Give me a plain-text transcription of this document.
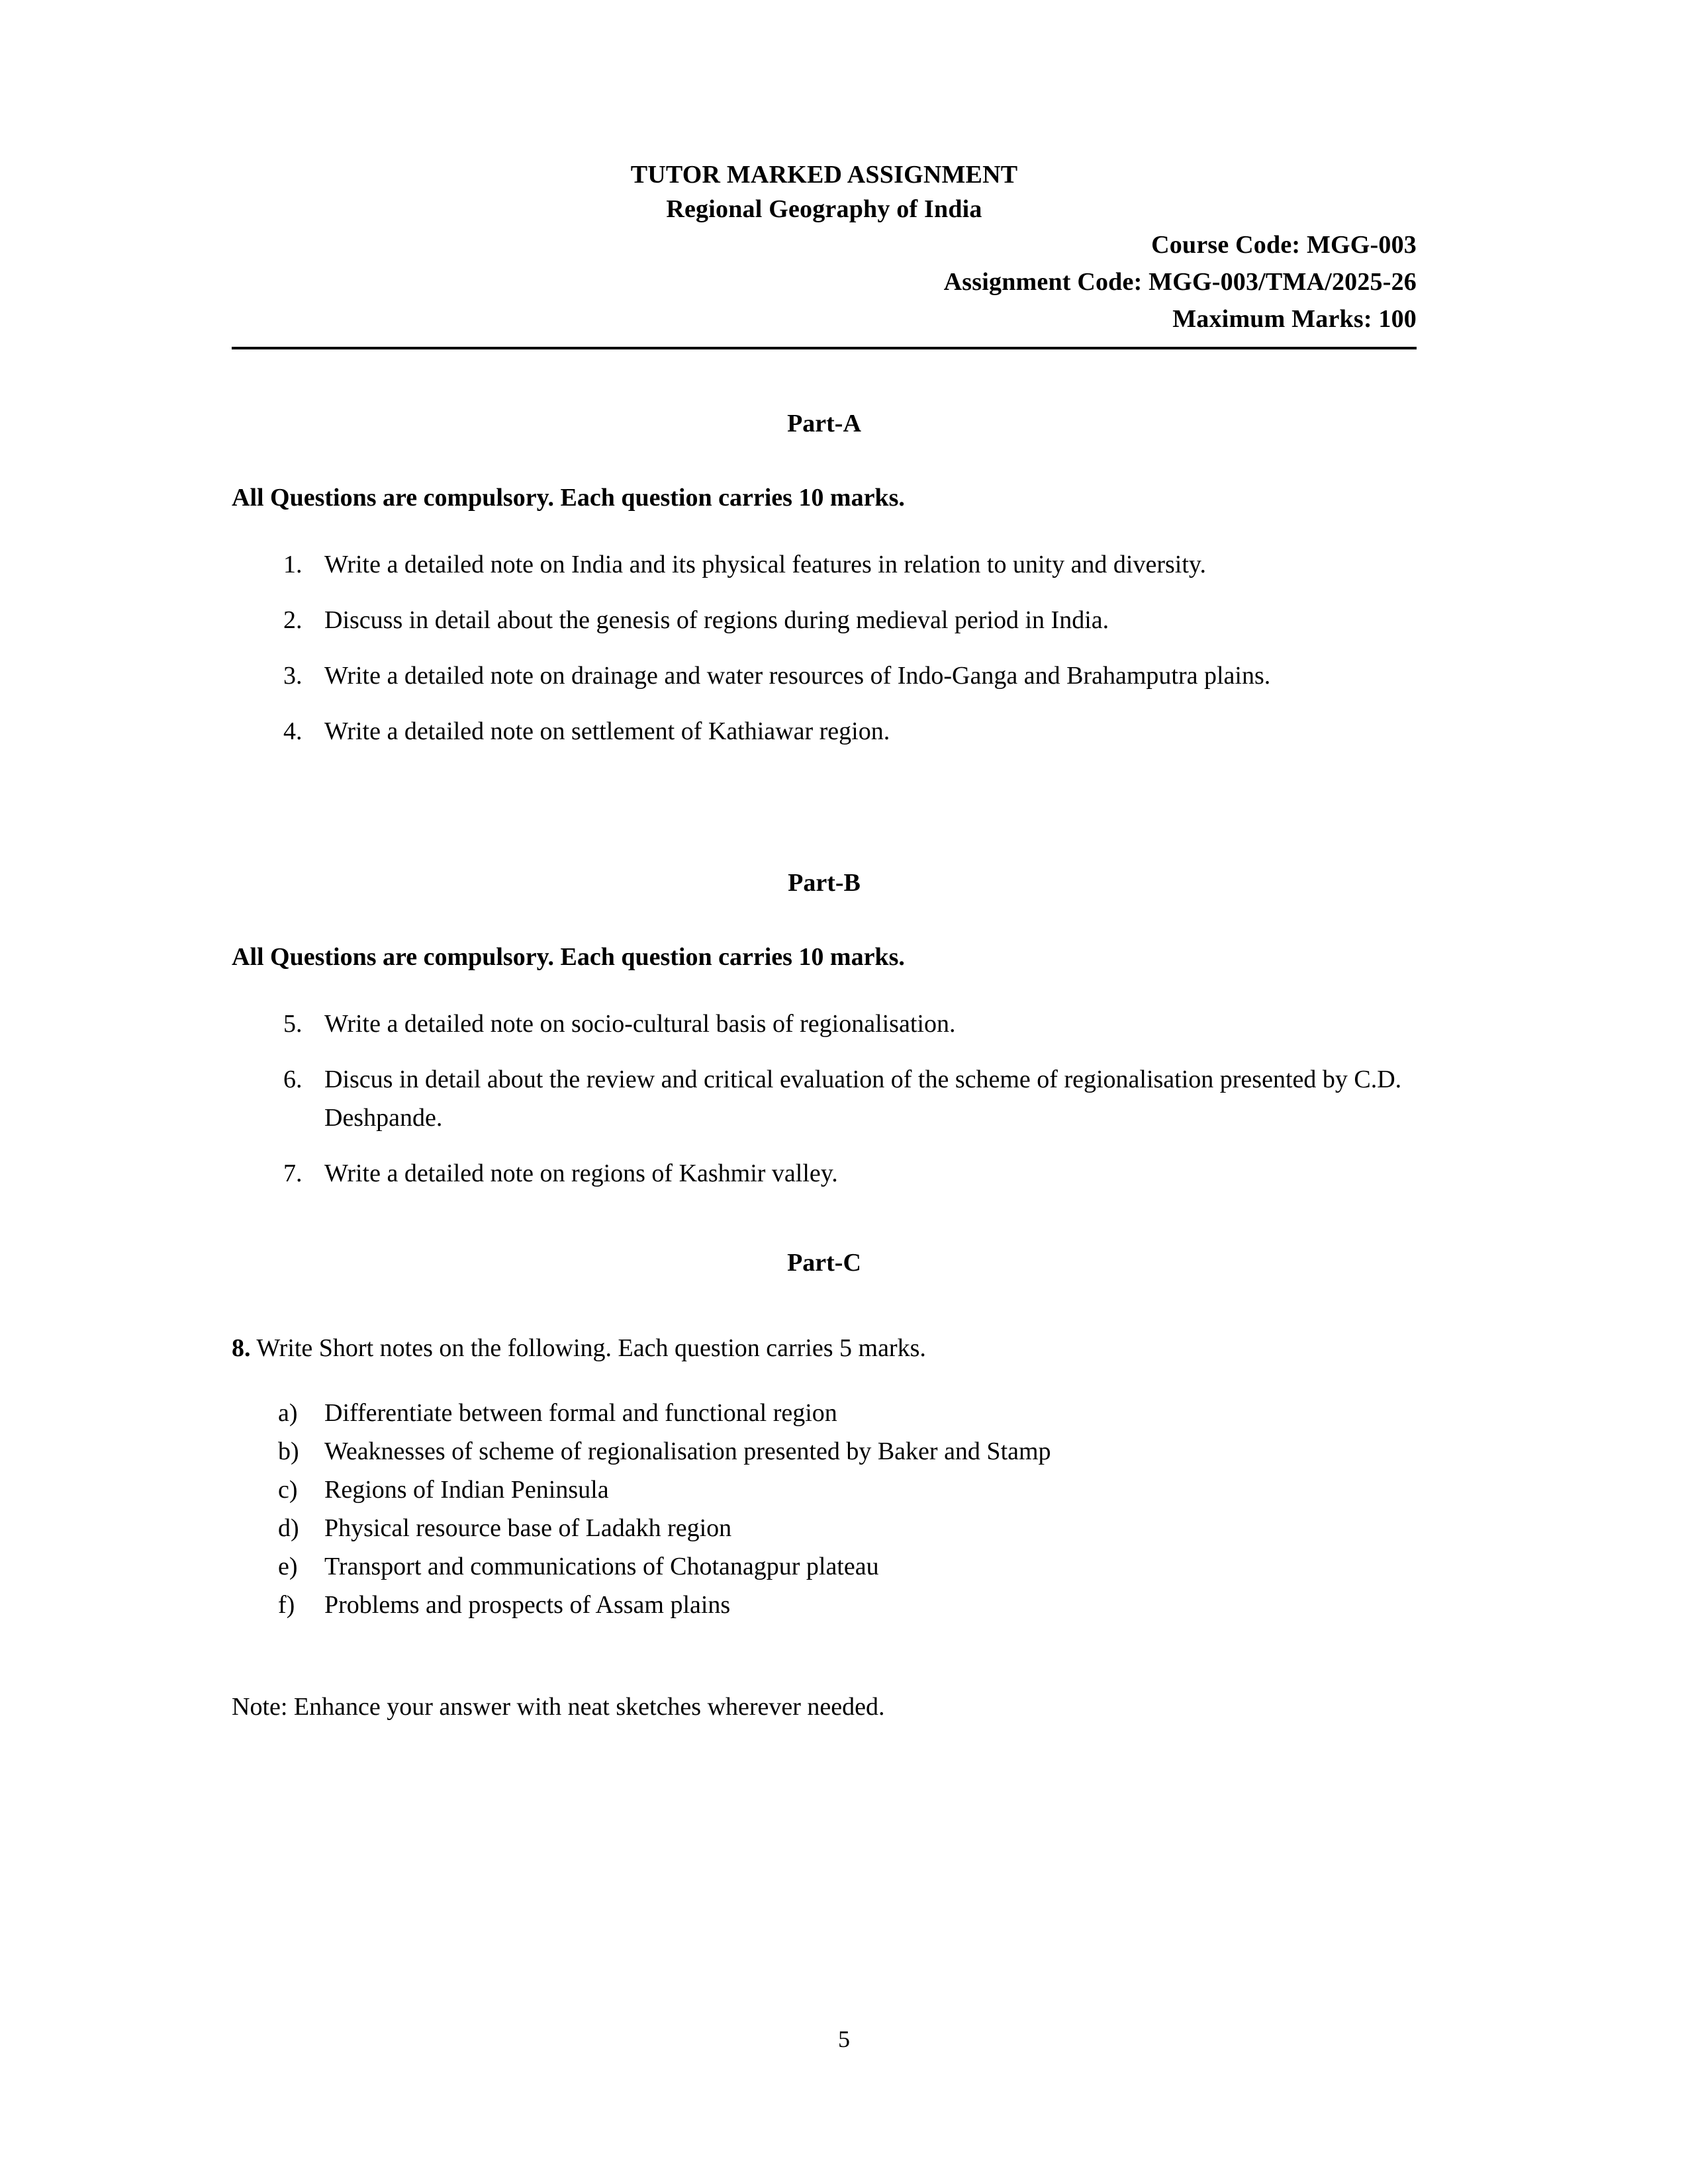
TUTOR MARKED ASSIGNMENT
Regional Geography of India
Course Code: MGG-003
Assignment Code: MGG-003/TMA/2025-26
Maximum Marks: 100
Part-A
All Questions are compulsory. Each question carries 10 marks.
1. Write a detailed note on India and its physical features in relation to unity and diversity.
2. Discuss in detail about the genesis of regions during medieval period in India.
3. Write a detailed note on drainage and water resources of Indo-Ganga and Brahamputra plains.
4. Write a detailed note on settlement of Kathiawar region.
Part-B
All Questions are compulsory. Each question carries 10 marks.
5. Write a detailed note on socio-cultural basis of regionalisation.
6. Discus in detail about the review and critical evaluation of the scheme of regionalisation presented by C.D. Deshpande.
7. Write a detailed note on regions of Kashmir valley.
Part-C
8. Write Short notes on the following. Each question carries 5 marks.
a)	Differentiate between formal and functional region
b)	Weaknesses of scheme of regionalisation presented by Baker and Stamp
c)	Regions of Indian Peninsula
d)	Physical resource base of Ladakh region
e)	Transport and communications of Chotanagpur plateau
f)	Problems and prospects of Assam plains
Note: Enhance your answer with neat sketches wherever needed.
5
